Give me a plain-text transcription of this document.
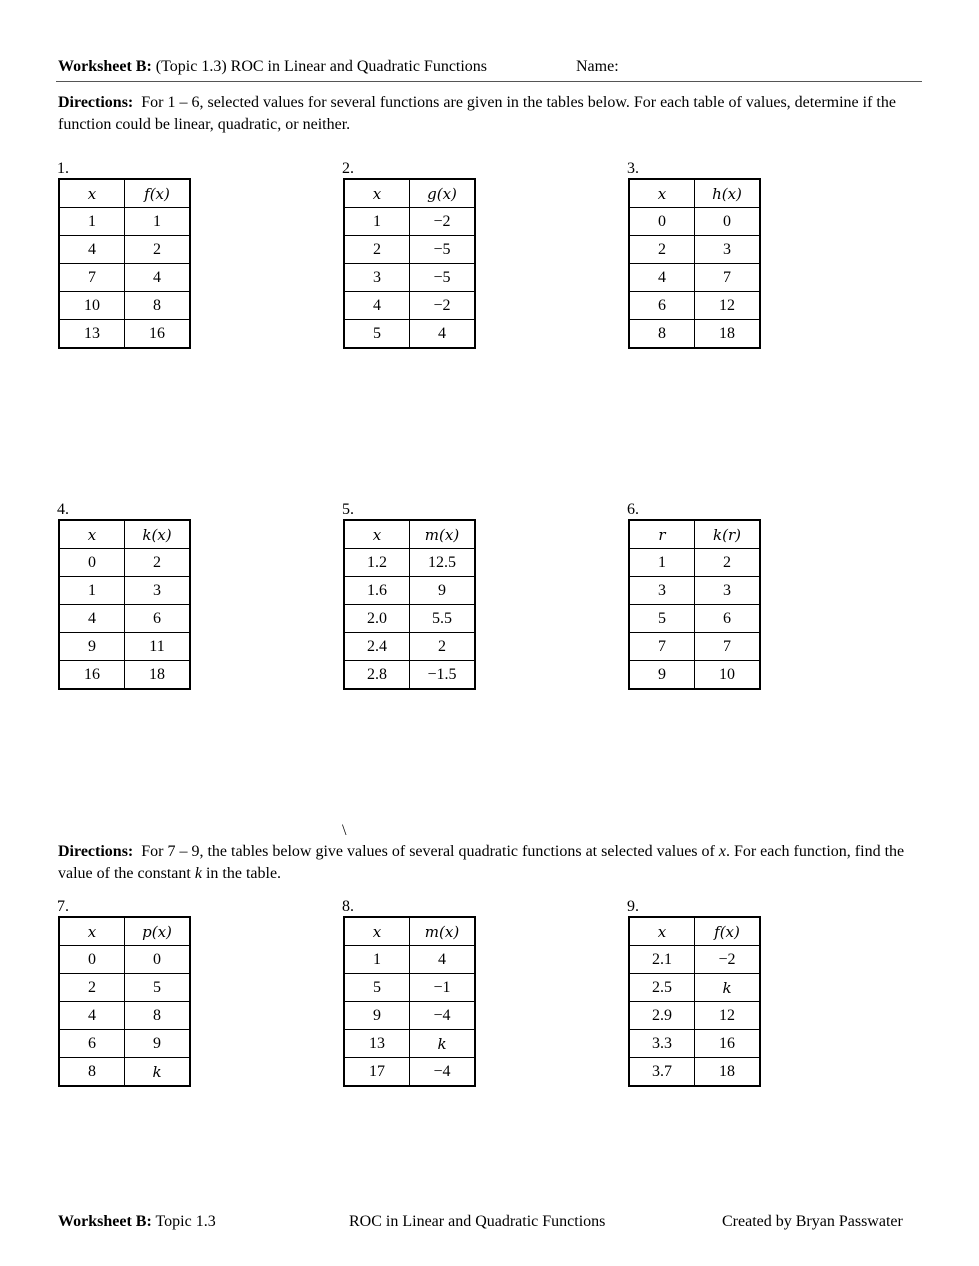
Worksheet B: (Topic 1.3) ROC in Linear and Quadratic Functions	Name:
Directions: For 1 – 6, selected values for several functions are given in the tables below. For each table of values, determine if the function could be linear, quadratic, or neither.
1.
x	f(x)
1	1
4	2
7	4
10	8
13	16
2.
x	g(x)
1	−2
2	−5
3	−5
4	−2
5	4
3.
x	h(x)
0	0
2	3
4	7
6	12
8	18
4.
x	k(x)
0	2
1	3
4	6
9	11
16	18
5.
x	m(x)
1.2	12.5
1.6	9
2.0	5.5
2.4	2
2.8	−1.5
6.
r	k(r)
1	2
3	3
5	6
7	7
9	10
7.
x	p(x)
0	0
2	5
4	8
6	9
8	k
8.
x	m(x)
1	4
5	−1
9	−4
13	k
17	−4
9.
x	f(x)
2.1	−2
2.5	k
2.9	12
3.3	16
3.7	18
\
Directions: For 7 – 9, the tables below give values of several quadratic functions at selected values of x. For each function, find the value of the constant k in the table.
Worksheet B: Topic 1.3	ROC in Linear and Quadratic Functions	Created by Bryan Passwater
